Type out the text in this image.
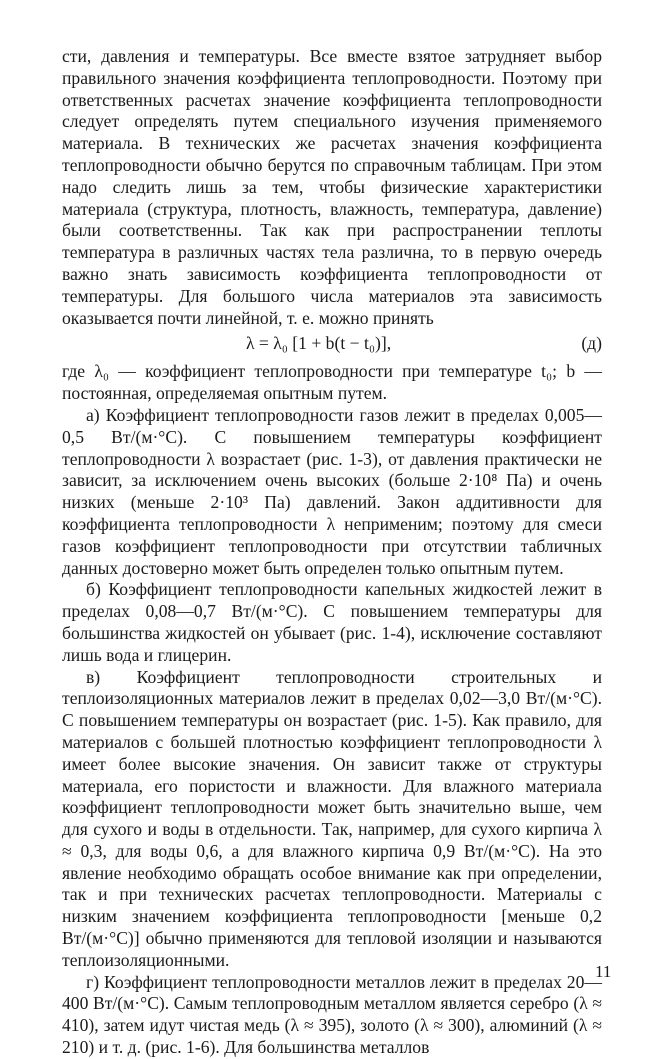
сти, давления и температуры. Все вместе взятое затрудняет выбор правильного значения коэффициента теплопроводности. Поэтому при ответственных расчетах значение коэффициента теплопроводности следует определять путем специального изучения применяемого материала. В технических же расчетах значения коэффициента теплопроводности обычно берутся по справочным таблицам. При этом надо следить лишь за тем, чтобы физические характеристики материала (структура, плотность, влажность, температура, давление) были соответственны. Так как при распространении теплоты температура в различных частях тела различна, то в первую очередь важно знать зависимость коэффициента теплопроводности от температуры. Для большого числа материалов эта зависимость оказывается почти линейной, т. е. можно принять

λ = λ₀ [1 + b(t − t₀)],	(д)

где λ₀ — коэффициент теплопроводности при температуре t₀; b — постоянная, определяемая опытным путем.

а) Коэффициент теплопроводности газов лежит в пределах 0,005—0,5 Вт/(м·°С). С повышением температуры коэффициент теплопроводности λ возрастает (рис. 1-3), от давления практически не зависит, за исключением очень высоких (больше 2·10⁸ Па) и очень низких (меньше 2·10³ Па) давлений. Закон аддитивности для коэффициента теплопроводности λ неприменим; поэтому для смеси газов коэффициент теплопроводности при отсутствии табличных данных достоверно может быть определен только опытным путем.

б) Коэффициент теплопроводности капельных жидкостей лежит в пределах 0,08—0,7 Вт/(м·°С). С повышением температуры для большинства жидкостей он убывает (рис. 1-4), исключение составляют лишь вода и глицерин.

в) Коэффициент теплопроводности строительных и теплоизоляционных материалов лежит в пределах 0,02—3,0 Вт/(м·°С). С повышением температуры он возрастает (рис. 1-5). Как правило, для материалов с большей плотностью коэффициент теплопроводности λ имеет более высокие значения. Он зависит также от структуры материала, его пористости и влажности. Для влажного материала коэффициент теплопроводности может быть значительно выше, чем для сухого и воды в отдельности. Так, например, для сухого кирпича λ ≈ 0,3, для воды 0,6, а для влажного кирпича 0,9 Вт/(м·°С). На это явление необходимо обращать особое внимание как при определении, так и при технических расчетах теплопроводности. Материалы с низким значением коэффициента теплопроводности [меньше 0,2 Вт/(м·°С)] обычно применяются для тепловой изоляции и называются теплоизоляционными.

г) Коэффициент теплопроводности металлов лежит в пределах 20—400 Вт/(м·°С). Самым теплопроводным металлом является серебро (λ ≈ 410), затем идут чистая медь (λ ≈ 395), золото (λ ≈ 300), алюминий (λ ≈ 210) и т. д. (рис. 1-6). Для большинства металлов

11
